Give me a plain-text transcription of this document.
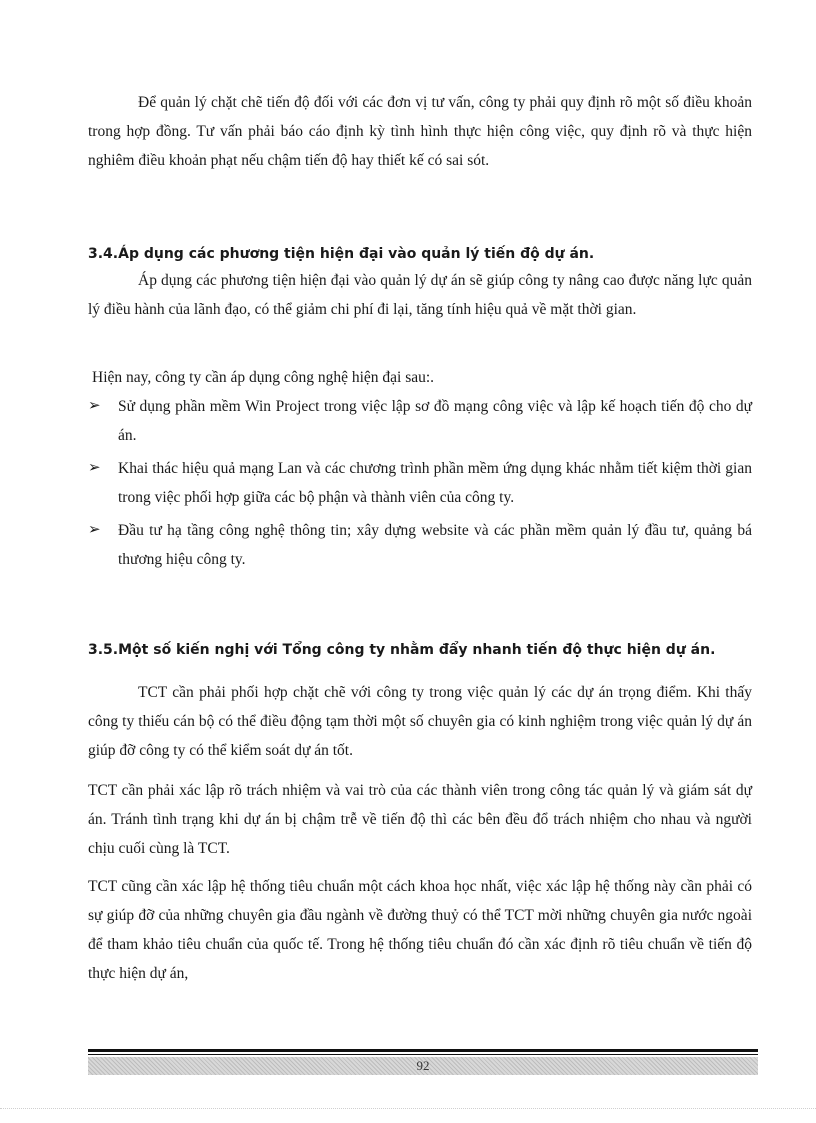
Để quản lý chặt chẽ tiến độ đối với các đơn vị tư vấn, công ty phải quy định rõ một số điều khoản trong hợp đồng. Tư vấn phải báo cáo định kỳ tình hình thực hiện công việc, quy định rõ và thực hiện nghiêm điều khoản phạt nếu chậm tiến độ hay thiết kế có sai sót.

3.4.Áp dụng các phương tiện hiện đại vào quản lý tiến độ dự án.

Áp dụng các phương tiện hiện đại vào quản lý dự án sẽ giúp công ty nâng cao được năng lực quản lý điều hành của lãnh đạo, có thể giảm chi phí đi lại, tăng tính hiệu quả về mặt thời gian.

Hiện nay, công ty cần áp dụng công nghệ hiện đại sau:.

➢	Sử dụng phần mềm Win Project trong việc lập sơ đồ mạng công việc và lập kế hoạch tiến độ cho dự án.
➢	Khai thác hiệu quả mạng Lan và các chương trình phần mềm ứng dụng khác nhằm tiết kiệm thời gian trong việc phối hợp giữa các bộ phận và thành viên của công ty.
➢	Đầu tư hạ tầng công nghệ thông tin; xây dựng website và các phần mềm quản lý đầu tư, quảng bá thương hiệu công ty.
3.5.Một số kiến nghị với Tổng công ty nhằm đẩy nhanh tiến độ thực hiện dự án.

TCT cần phải phối hợp chặt chẽ với công ty trong việc quản lý các dự án trọng điểm. Khi thấy công ty thiếu cán bộ có thể điều động tạm thời một số chuyên gia có kinh nghiệm trong việc quản lý dự án giúp đỡ công ty có thể kiểm soát dự án tốt.

TCT cần phải xác lập rõ trách nhiệm và vai trò của các thành viên trong công tác quản lý và giám sát dự án. Tránh tình trạng khi dự án bị chậm trễ về tiến độ thì các bên đều đổ trách nhiệm cho nhau và người chịu cuối cùng là TCT.

TCT cũng cần xác lập hệ thống tiêu chuẩn một cách khoa học nhất, việc xác lập hệ thống này cần phải có sự giúp đỡ của những chuyên gia đầu ngành về đường thuỷ có thể TCT mời những chuyên gia nước ngoài để tham khảo tiêu chuẩn của quốc tế. Trong hệ thống tiêu chuẩn đó cần xác định rõ tiêu chuẩn về tiến độ thực hiện dự án,

92
